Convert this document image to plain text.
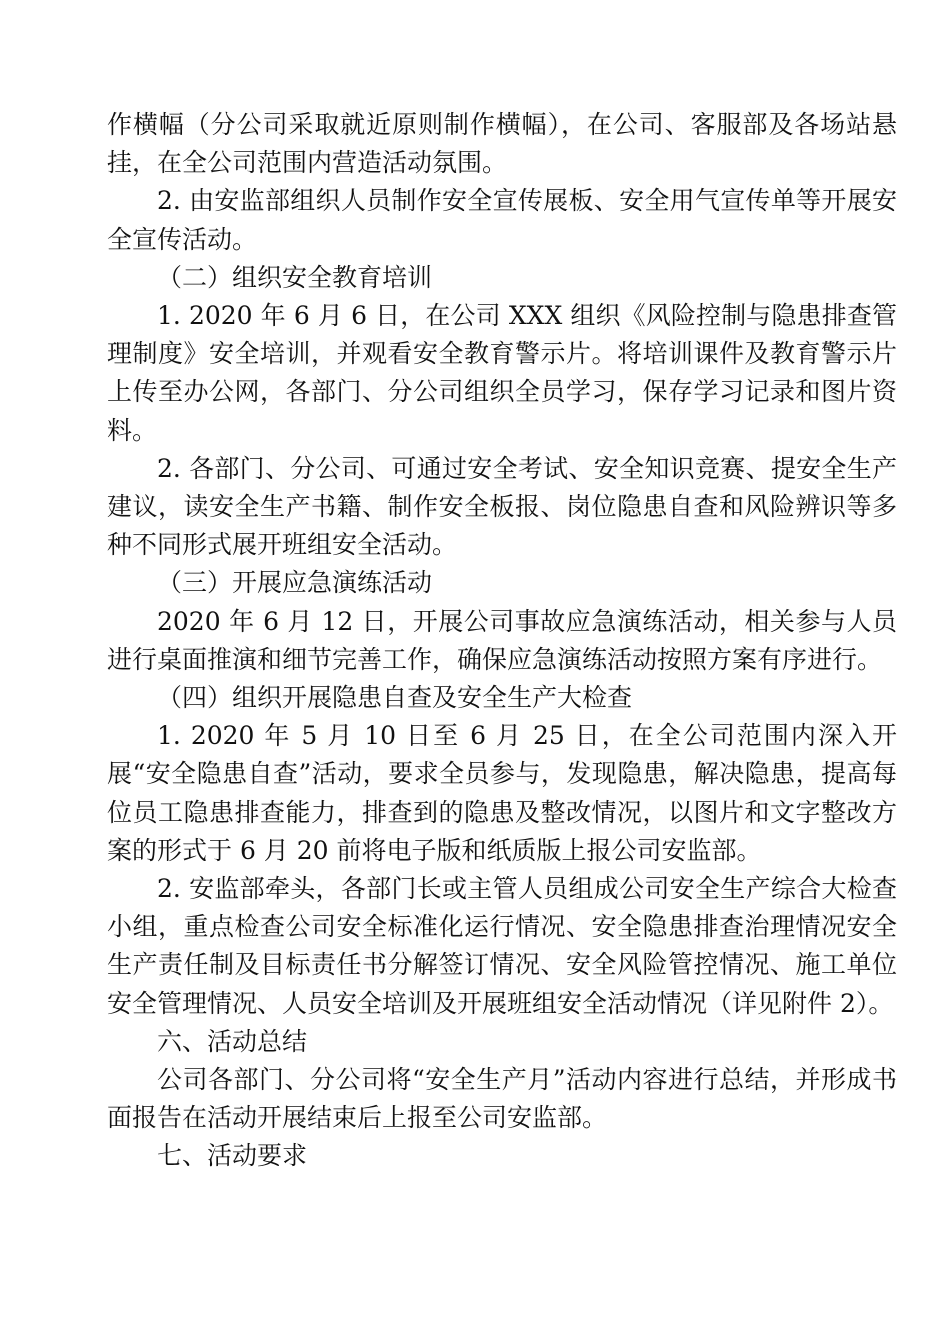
作横幅（分公司采取就近原则制作横幅），在公司、客服部及各场站悬挂，在全公司范围内营造活动氛围。

2. 由安监部组织人员制作安全宣传展板、安全用气宣传单等开展安全宣传活动。

（二）组织安全教育培训

1. 2020 年 6 月 6 日，在公司 XXX 组织《风险控制与隐患排查管理制度》安全培训，并观看安全教育警示片。将培训课件及教育警示片上传至办公网，各部门、分公司组织全员学习，保存学习记录和图片资料。

2. 各部门、分公司、可通过安全考试、安全知识竞赛、提安全生产建议，读安全生产书籍、制作安全板报、岗位隐患自查和风险辨识等多种不同形式展开班组安全活动。

（三）开展应急演练活动

2020 年 6 月 12 日，开展公司事故应急演练活动，相关参与人员进行桌面推演和细节完善工作，确保应急演练活动按照方案有序进行。

（四）组织开展隐患自查及安全生产大检查

1. 2020 年 5 月 10 日至 6 月 25 日，在全公司范围内深入开展“安全隐患自查”活动，要求全员参与，发现隐患，解决隐患，提高每位员工隐患排查能力，排查到的隐患及整改情况，以图片和文字整改方案的形式于 6 月 20 前将电子版和纸质版上报公司安监部。

2. 安监部牵头，各部门长或主管人员组成公司安全生产综合大检查小组，重点检查公司安全标准化运行情况、安全隐患排查治理情况安全生产责任制及目标责任书分解签订情况、安全风险管控情况、施工单位安全管理情况、人员安全培训及开展班组安全活动情况（详见附件 2）。

六、活动总结

公司各部门、分公司将“安全生产月”活动内容进行总结，并形成书面报告在活动开展结束后上报至公司安监部。

七、活动要求
